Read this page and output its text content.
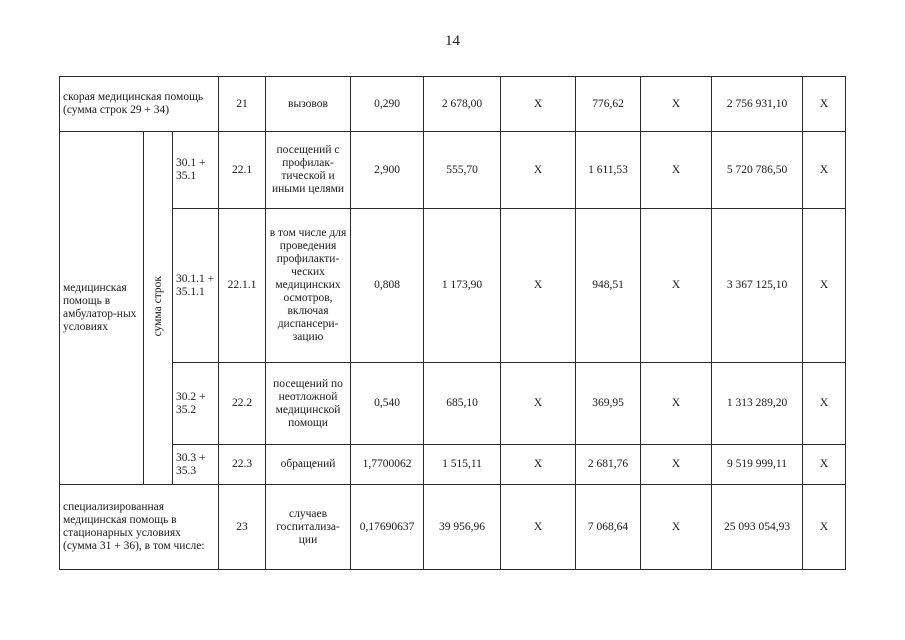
14
скорая медицинская помощь (сумма строк 29 + 34)			21	вызовов	0,290	2 678,00	X	776,62	X	2 756 931,10	X
медицинская помощь в амбулатор-ных условиях	сумма строк	30.1 + 35.1	22.1	посещений с профилак-тической и иными целями	2,900	555,70	X	1 611,53	X	5 720 786,50	X
		30.1.1 + 35.1.1	22.1.1	в том числе для проведения профилакти-ческих медицинских осмотров, включая диспансери-зацию	0,808	1 173,90	X	948,51	X	3 367 125,10	X
		30.2 + 35.2	22.2	посещений по неотложной медицинской помощи	0,540	685,10	X	369,95	X	1 313 289,20	X
		30.3 + 35.3	22.3	обращений	1,7700062	1 515,11	X	2 681,76	X	9 519 999,11	X
специализированная медицинская помощь в стационарных условиях (сумма 31 + 36), в том числе:			23	случаев госпитализа-ции	0,17690637	39 956,96	X	7 068,64	X	25 093 054,93	X
